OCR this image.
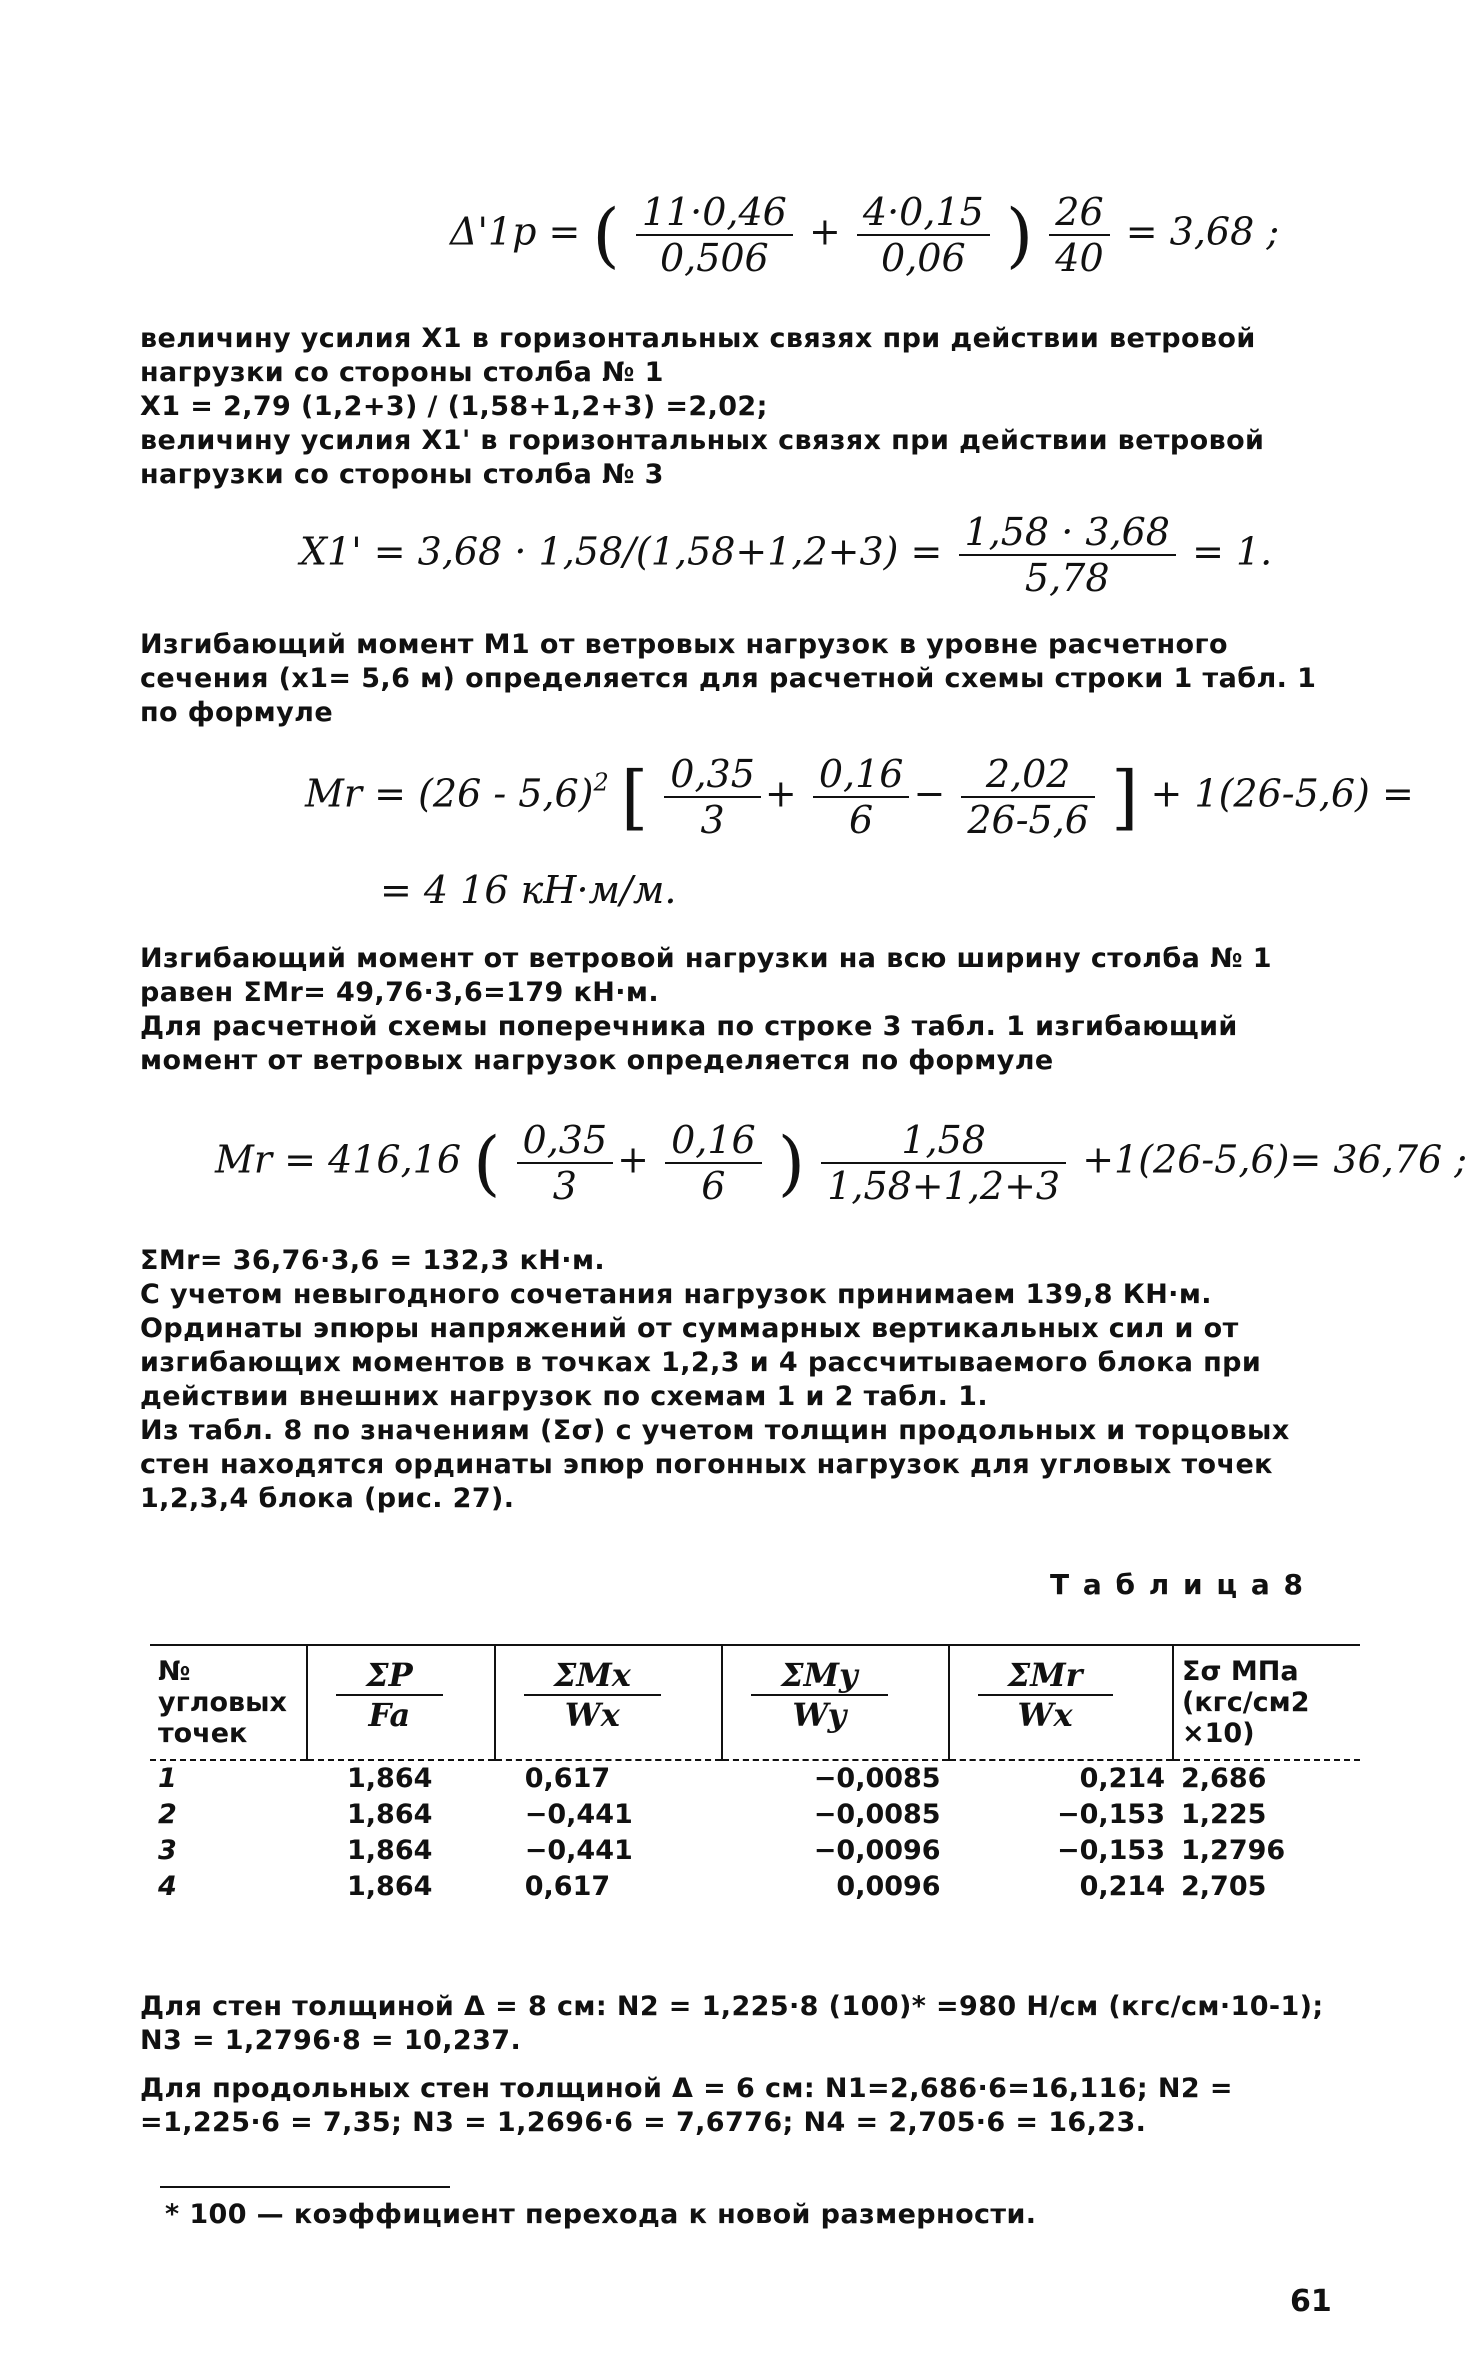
Δ'1p = ( $\frac{11\cdot 0,46}{0,506} + \frac{4\cdot 0,15}{0,06}$ ) $\frac{26}{40} = 3,68$ ;
величину усилия X1 в горизонтальных связях при действии ветровой нагрузки со стороны столба № 1
X1 = 2,79 (1,2+3) / (1,58+1,2+3) =2,02;
величину усилия X1' в горизонтальных связях при действии ветровой нагрузки со стороны столба № 3
$X1' = 3,68 \cdot 1,58/(1,58+1,2+3) = \frac{1,58 \cdot 3,68}{5,78} = 1$.
Изгибающий момент M1 от ветровых нагрузок в уровне расчетного сечения (x1= 5,6 м) определяется для расчетной схемы строки 1 табл. 1 по формуле
Mr = (26 - 5,6)$^2$ [ $\frac{0,35}{3} + \frac{0,16}{6} - \frac{2,02}{26-5,6}$ ] + 1(26-5,6) =
= 4 16 кН·м/м.
Изгибающий момент от ветровой нагрузки на всю ширину столба № 1 равен ΣMr= 49,76·3,6=179 кН·м.
Для расчетной схемы поперечника по строке 3 табл. 1 изгибающий момент от ветровых нагрузок определяется по формуле
Mr = 416,16 ( $\frac{0,35}{3} + \frac{0,16}{6}$ ) $\frac{1,58}{1,58+1,2+3} +1(26-5,6)= 36,76$ ;
ΣMr= 36,76·3,6 = 132,3 кН·м.
С учетом невыгодного сочетания нагрузок принимаем 139,8 КН·м.
Ординаты эпюры напряжений от суммарных вертикальных сил и от изгибающих моментов в точках 1,2,3 и 4 рассчитываемого блока при действии внешних нагрузок по схемам 1 и 2 табл. 1.
Из табл. 8 по значениям (Σσ) с учетом толщин продольных и торцовых стен находятся ординаты эпюр погонных нагрузок для угловых точек 1,2,3,4 блока (рис. 27).
Т а б л и ц а 8
№ угловых точек	$\frac{\Sigma P}{Fa}$	$\frac{\text{ΣMx}}{Wx}$	$\frac{\text{ΣMy}}{Wy}$	$\frac{\text{ΣMr}}{Wx}$	Σσ МПа (кгс/см2 ×10)
1	1,864	0,617	−0,0085	0,214	2,686
2	1,864	−0,441	−0,0085	−0,153	1,225
3	1,864	−0,441	−0,0096	−0,153	1,2796
4	1,864	0,617	0,0096	0,214	2,705
Для стен толщиной Δ = 8 см: N2 = 1,225·8 (100)* =980 Н/см (кгс/см·10-1); N3 = 1,2796·8 = 10,237.
Для продольных стен толщиной Δ = 6 см: N1=2,686·6=16,116; N2 = =1,225·6 = 7,35; N3 = 1,2696·6 = 7,6776; N4 = 2,705·6 = 16,23.
* 100 — коэффициент перехода к новой размерности.
61
